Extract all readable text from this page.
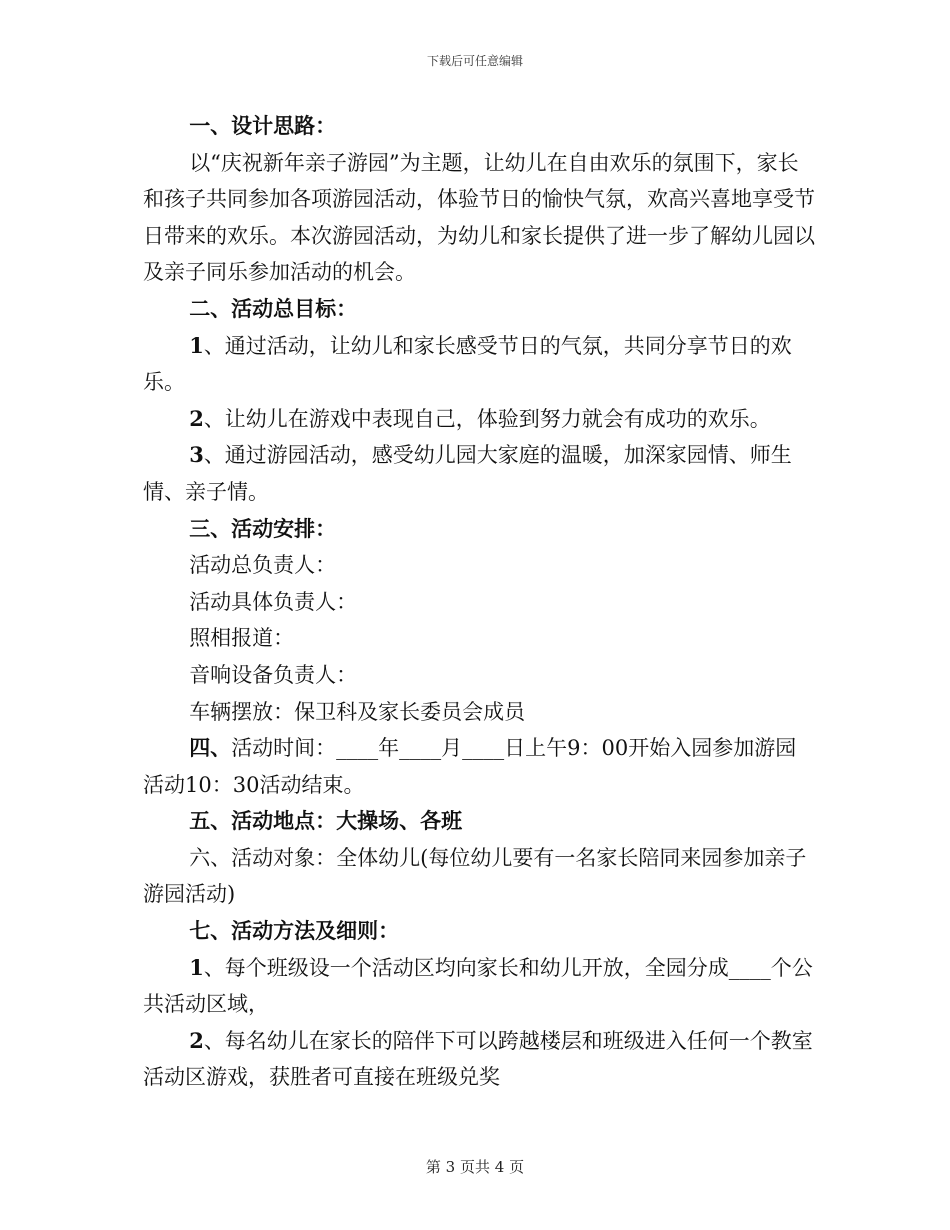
下载后可任意编辑

一、设计思路：

以“庆祝新年亲子游园”为主题，让幼儿在自由欢乐的氛围下，家长和孩子共同参加各项游园活动，体验节日的愉快气氛，欢高兴喜地享受节日带来的欢乐。本次游园活动，为幼儿和家长提供了进一步了解幼儿园以及亲子同乐参加活动的机会。

二、活动总目标：

1、通过活动，让幼儿和家长感受节日的气氛，共同分享节日的欢乐。

2、让幼儿在游戏中表现自己，体验到努力就会有成功的欢乐。

3、通过游园活动，感受幼儿园大家庭的温暖，加深家园情、师生情、亲子情。

三、活动安排：

活动总负责人：

活动具体负责人：

照相报道：

音响设备负责人：

车辆摆放：保卫科及家长委员会成员

四、活动时间：____年____月____日上午9：00开始入园参加游园活动10：30活动结束。

五、活动地点：大操场、各班

六、活动对象：全体幼儿(每位幼儿要有一名家长陪同来园参加亲子游园活动)

七、活动方法及细则：

1、每个班级设一个活动区均向家长和幼儿开放，全园分成____个公共活动区域，

2、每名幼儿在家长的陪伴下可以跨越楼层和班级进入任何一个教室活动区游戏，获胜者可直接在班级兑奖

第 3 页共 4 页
